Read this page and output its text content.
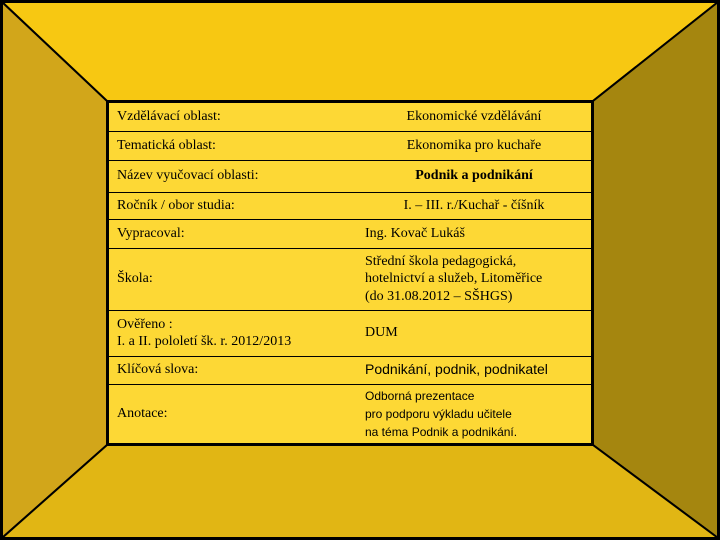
Vzdělávací oblast:	Ekonomické vzdělávání
Tematická oblast:	Ekonomika pro kuchaře
Název vyučovací oblasti:	Podnik a podnikání
Ročník / obor studia:	I. – III. r./Kuchař - číšník
Vypracoval:	Ing. Kovač Lukáš
Škola:	Střední škola pedagogická,
hotelnictví a služeb, Litoměřice
(do 31.08.2012 – SŠHGS)
Ověřeno :
I. a II. pololetí šk. r. 2012/2013	DUM
Klíčová slova:	Podnikání, podnik, podnikatel
Anotace:	Odborná prezentace
pro podporu výkladu učitele
na téma Podnik a podnikání.
